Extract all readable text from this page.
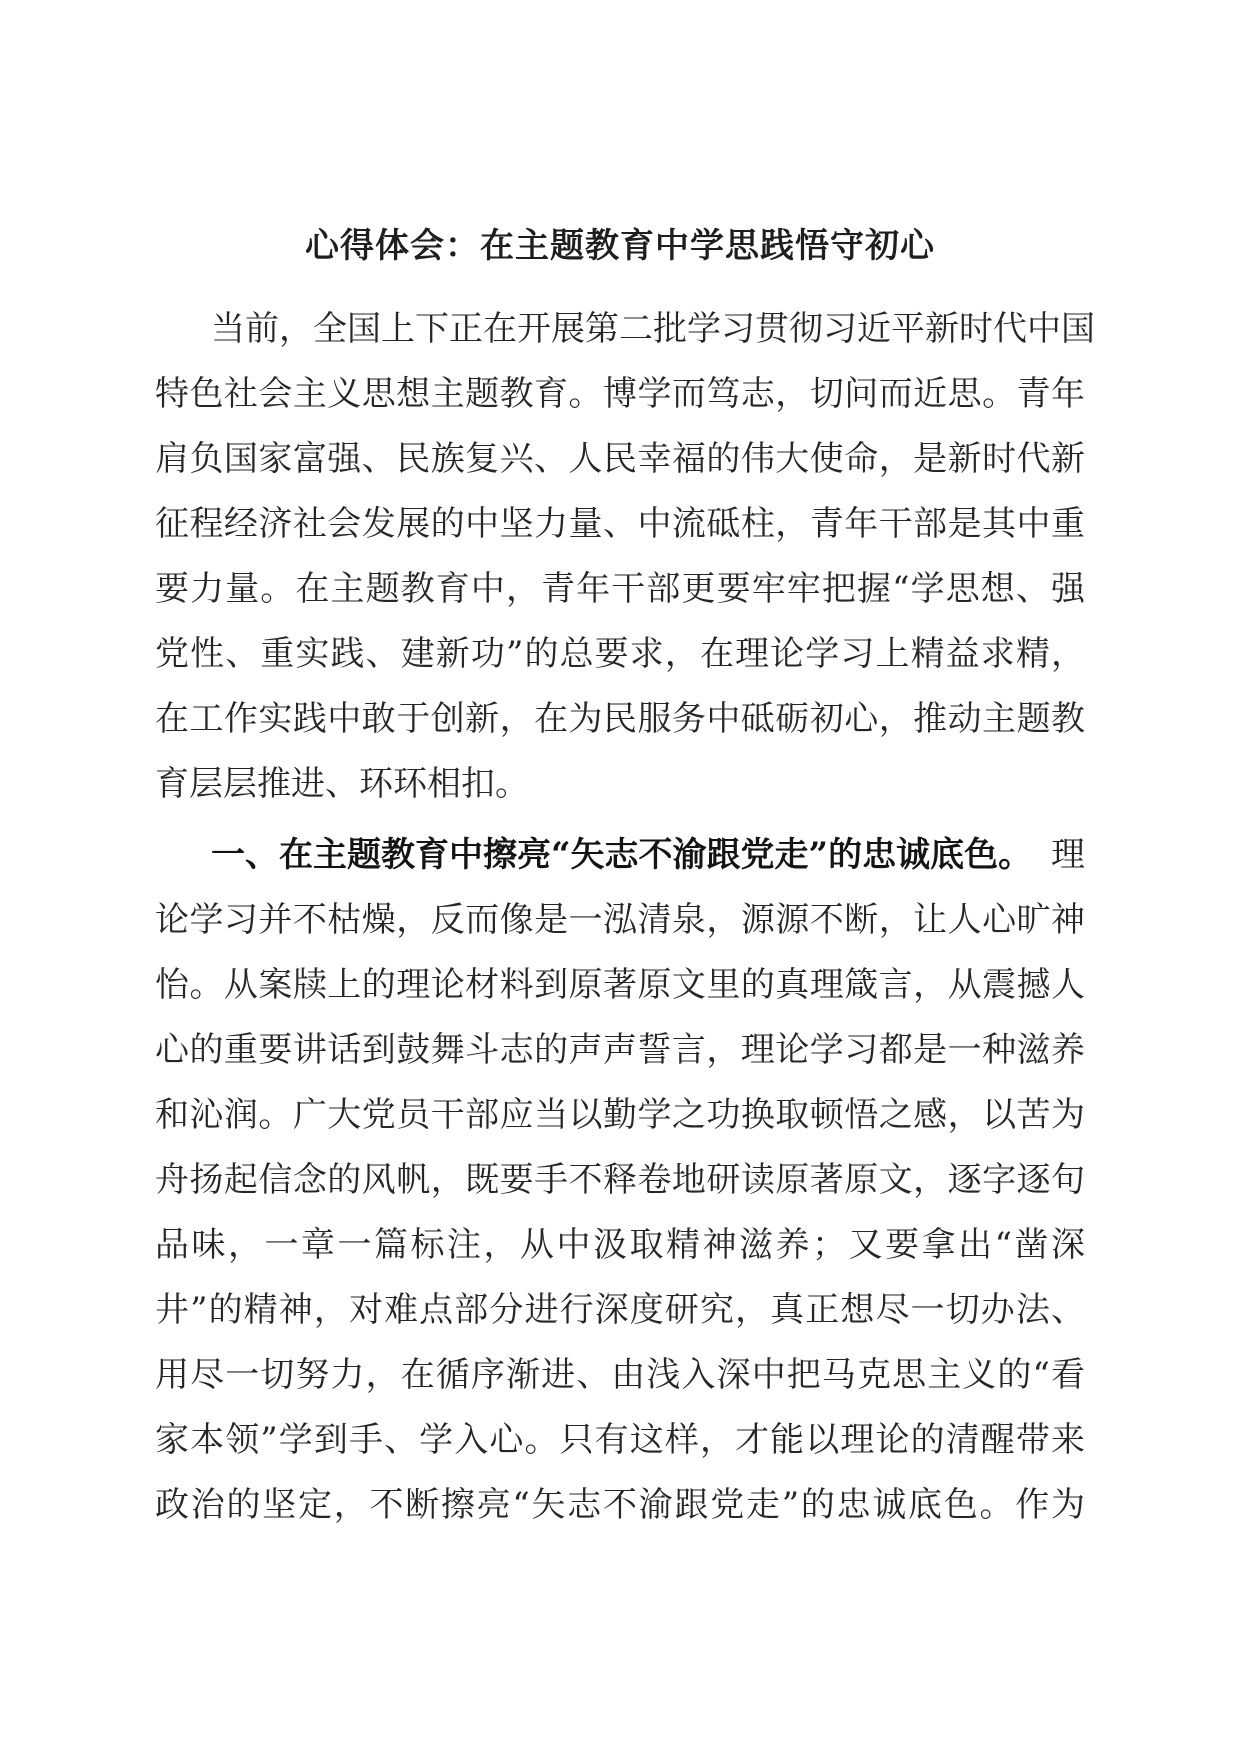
心得体会：在主题教育中学思践悟守初心
当前，全国上下正在开展第二批学习贯彻习近平新时代中国
特色社会主义思想主题教育。博学而笃志，切问而近思。青年
肩负国家富强、民族复兴、人民幸福的伟大使命，是新时代新
征程经济社会发展的中坚力量、中流砥柱，青年干部是其中重
要力量。在主题教育中，青年干部更要牢牢把握“学思想、强
党性、重实践、建新功”的总要求，在理论学习上精益求精，
在工作实践中敢于创新，在为民服务中砥砺初心，推动主题教
育层层推进、环环相扣。
一、在主题教育中擦亮“矢志不渝跟党走”的忠诚底色。 理
论学习并不枯燥，反而像是一泓清泉，源源不断，让人心旷神
怡。从案牍上的理论材料到原著原文里的真理箴言，从震撼人
心的重要讲话到鼓舞斗志的声声誓言，理论学习都是一种滋养
和沁润。广大党员干部应当以勤学之功换取顿悟之感，以苦为
舟扬起信念的风帆，既要手不释卷地研读原著原文，逐字逐句
品味，一章一篇标注，从中汲取精神滋养；又要拿出“凿深
井”的精神，对难点部分进行深度研究，真正想尽一切办法、
用尽一切努力，在循序渐进、由浅入深中把马克思主义的“看
家本领”学到手、学入心。只有这样，才能以理论的清醒带来
政治的坚定，不断擦亮“矢志不渝跟党走”的忠诚底色。作为
